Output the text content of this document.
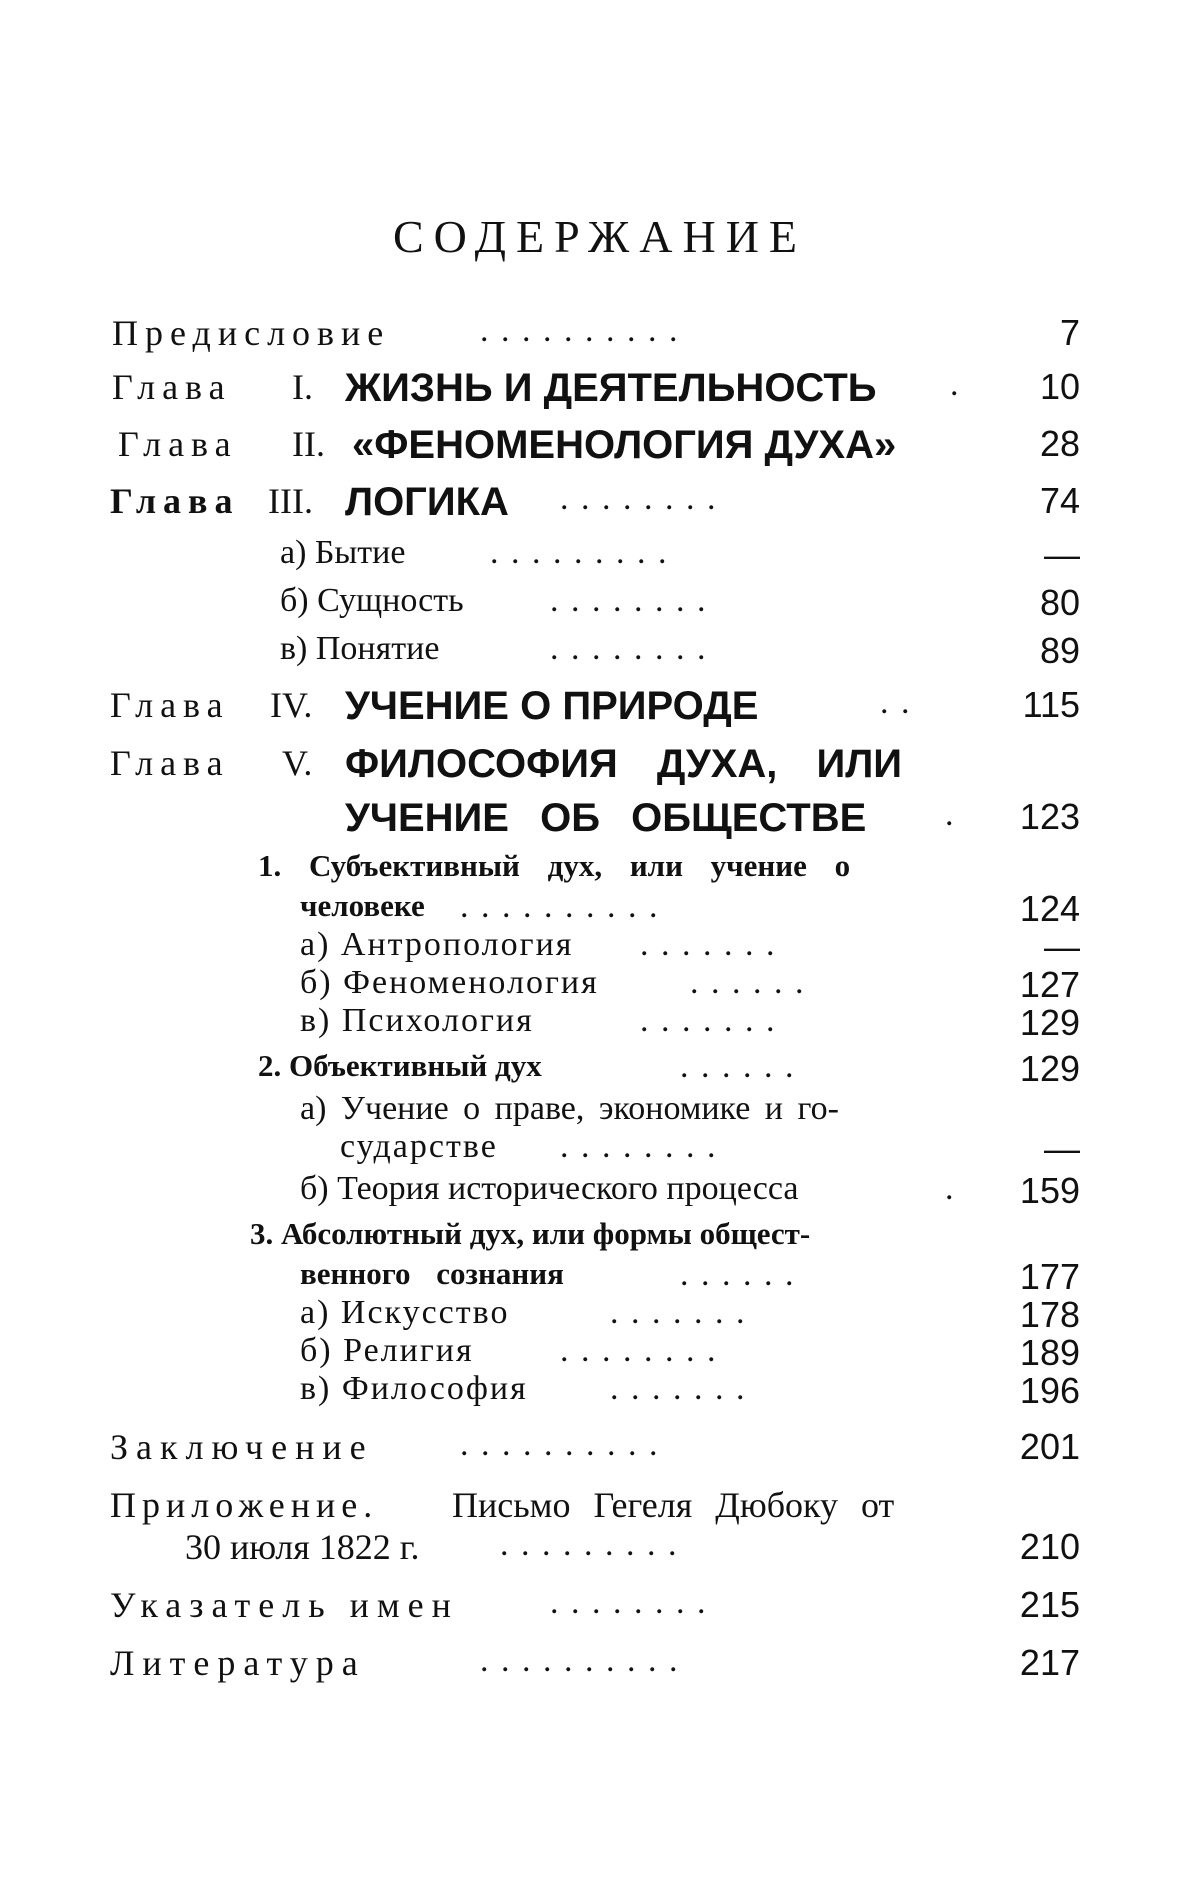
СОДЕРЖАНИЕ
Предисловие	. . . . . . . . . .	7
Глава I. ЖИЗНЬ И ДЕЯТЕЛЬНОСТЬ .	10
Глава II. «ФЕНОМЕНОЛОГИЯ ДУХА»	28
Глава III. ЛОГИКА . . . . . . . .	74
а) Бытие . . . . . . . . .	—
б) Сущность	. . . . . . . .	80
в) Понятие	. . . . . . . .	89
Глава IV. УЧЕНИЕ О ПРИРОДЕ	. .	115
Глава V. ФИЛОСОФИЯ ДУХА, ИЛИ
УЧЕНИЕ ОБ ОБЩЕСТВЕ .	123
1. Субъективный дух, или учение о
человеке . . . . . . . . . .	124
а) Антропология . . . . . . .	—
б) Феноменология	. . . . . .	127
в) Психология	. . . . . . .	129
2. Объективный дух	. . . . . .	129
а) Учение о праве, экономике и го-
сударстве . . . . . . . .	—
б) Теория исторического процесса	.	159
3. Абсолютный дух, или формы общест-
венного сознания	. . . . . .	177
а) Искусство	. . . . . . .	178
б) Религия	. . . . . . . .	189
в) Философия . . . . . . .	196
Заключение	. . . . . . . . . .	201
Приложение. Письмо Гегеля Дюбоку от
30 июля 1822 г. . . . . . . . . .	210
Указатель имен	. . . . . . . .	215
Литература	. . . . . . . . . .	217
